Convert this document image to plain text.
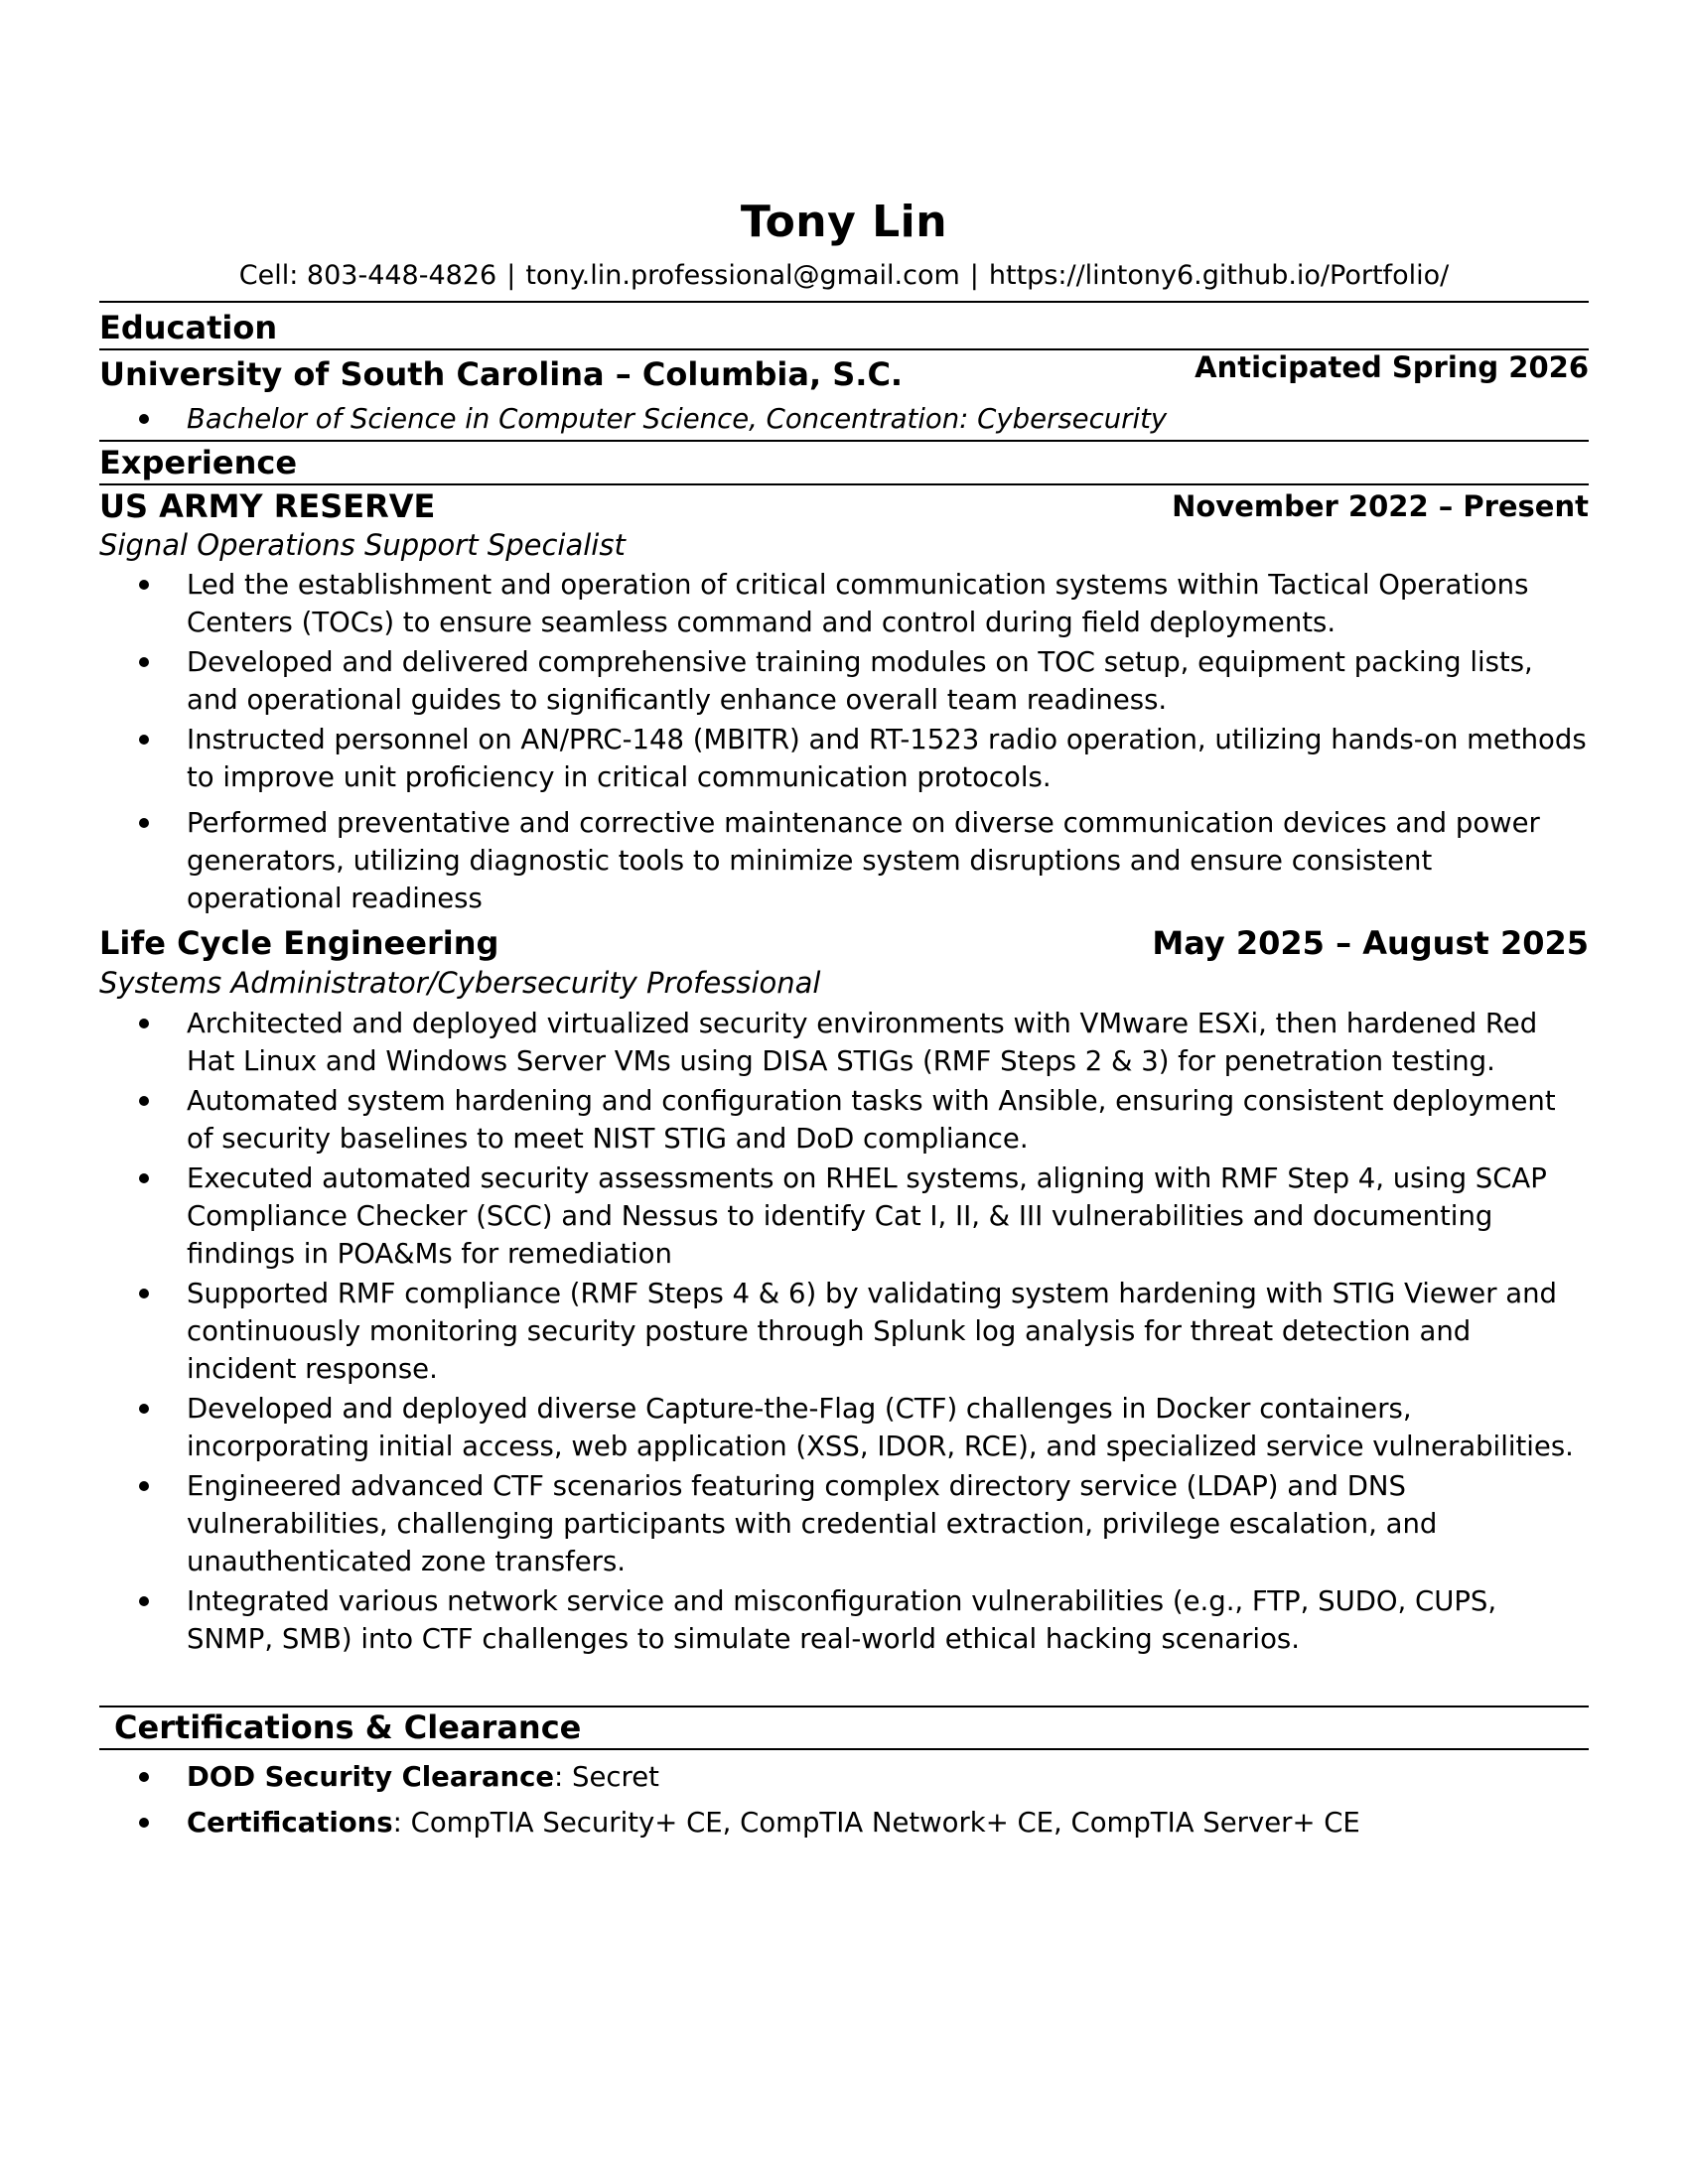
Tony Lin
Cell: 803-448-4826 | tony.lin.professional@gmail.com | https://lintony6.github.io/Portfolio/
Education
University of South Carolina – Columbia, S.C.	Anticipated Spring 2026
Bachelor of Science in Computer Science, Concentration: Cybersecurity
Experience
US ARMY RESERVE	November 2022 – Present
Signal Operations Support Specialist
Led the establishment and operation of critical communication systems within Tactical Operations Centers (TOCs) to ensure seamless command and control during field deployments.
Developed and delivered comprehensive training modules on TOC setup, equipment packing lists, and operational guides to significantly enhance overall team readiness.
Instructed personnel on AN/PRC-148 (MBITR) and RT-1523 radio operation, utilizing hands-on methods to improve unit proficiency in critical communication protocols.
Performed preventative and corrective maintenance on diverse communication devices and power generators, utilizing diagnostic tools to minimize system disruptions and ensure consistent operational readiness
Life Cycle Engineering	May 2025 – August 2025
Systems Administrator/Cybersecurity Professional
Architected and deployed virtualized security environments with VMware ESXi, then hardened Red Hat Linux and Windows Server VMs using DISA STIGs (RMF Steps 2 & 3) for penetration testing.
Automated system hardening and configuration tasks with Ansible, ensuring consistent deployment of security baselines to meet NIST STIG and DoD compliance.
Executed automated security assessments on RHEL systems, aligning with RMF Step 4, using SCAP Compliance Checker (SCC) and Nessus to identify Cat I, II, & III vulnerabilities and documenting findings in POA&Ms for remediation
Supported RMF compliance (RMF Steps 4 & 6) by validating system hardening with STIG Viewer and continuously monitoring security posture through Splunk log analysis for threat detection and incident response.
Developed and deployed diverse Capture-the-Flag (CTF) challenges in Docker containers, incorporating initial access, web application (XSS, IDOR, RCE), and specialized service vulnerabilities.
Engineered advanced CTF scenarios featuring complex directory service (LDAP) and DNS vulnerabilities, challenging participants with credential extraction, privilege escalation, and unauthenticated zone transfers.
Integrated various network service and misconfiguration vulnerabilities (e.g., FTP, SUDO, CUPS, SNMP, SMB) into CTF challenges to simulate real-world ethical hacking scenarios.
Certifications & Clearance
DOD Security Clearance: Secret
Certifications: CompTIA Security+ CE, CompTIA Network+ CE, CompTIA Server+ CE
